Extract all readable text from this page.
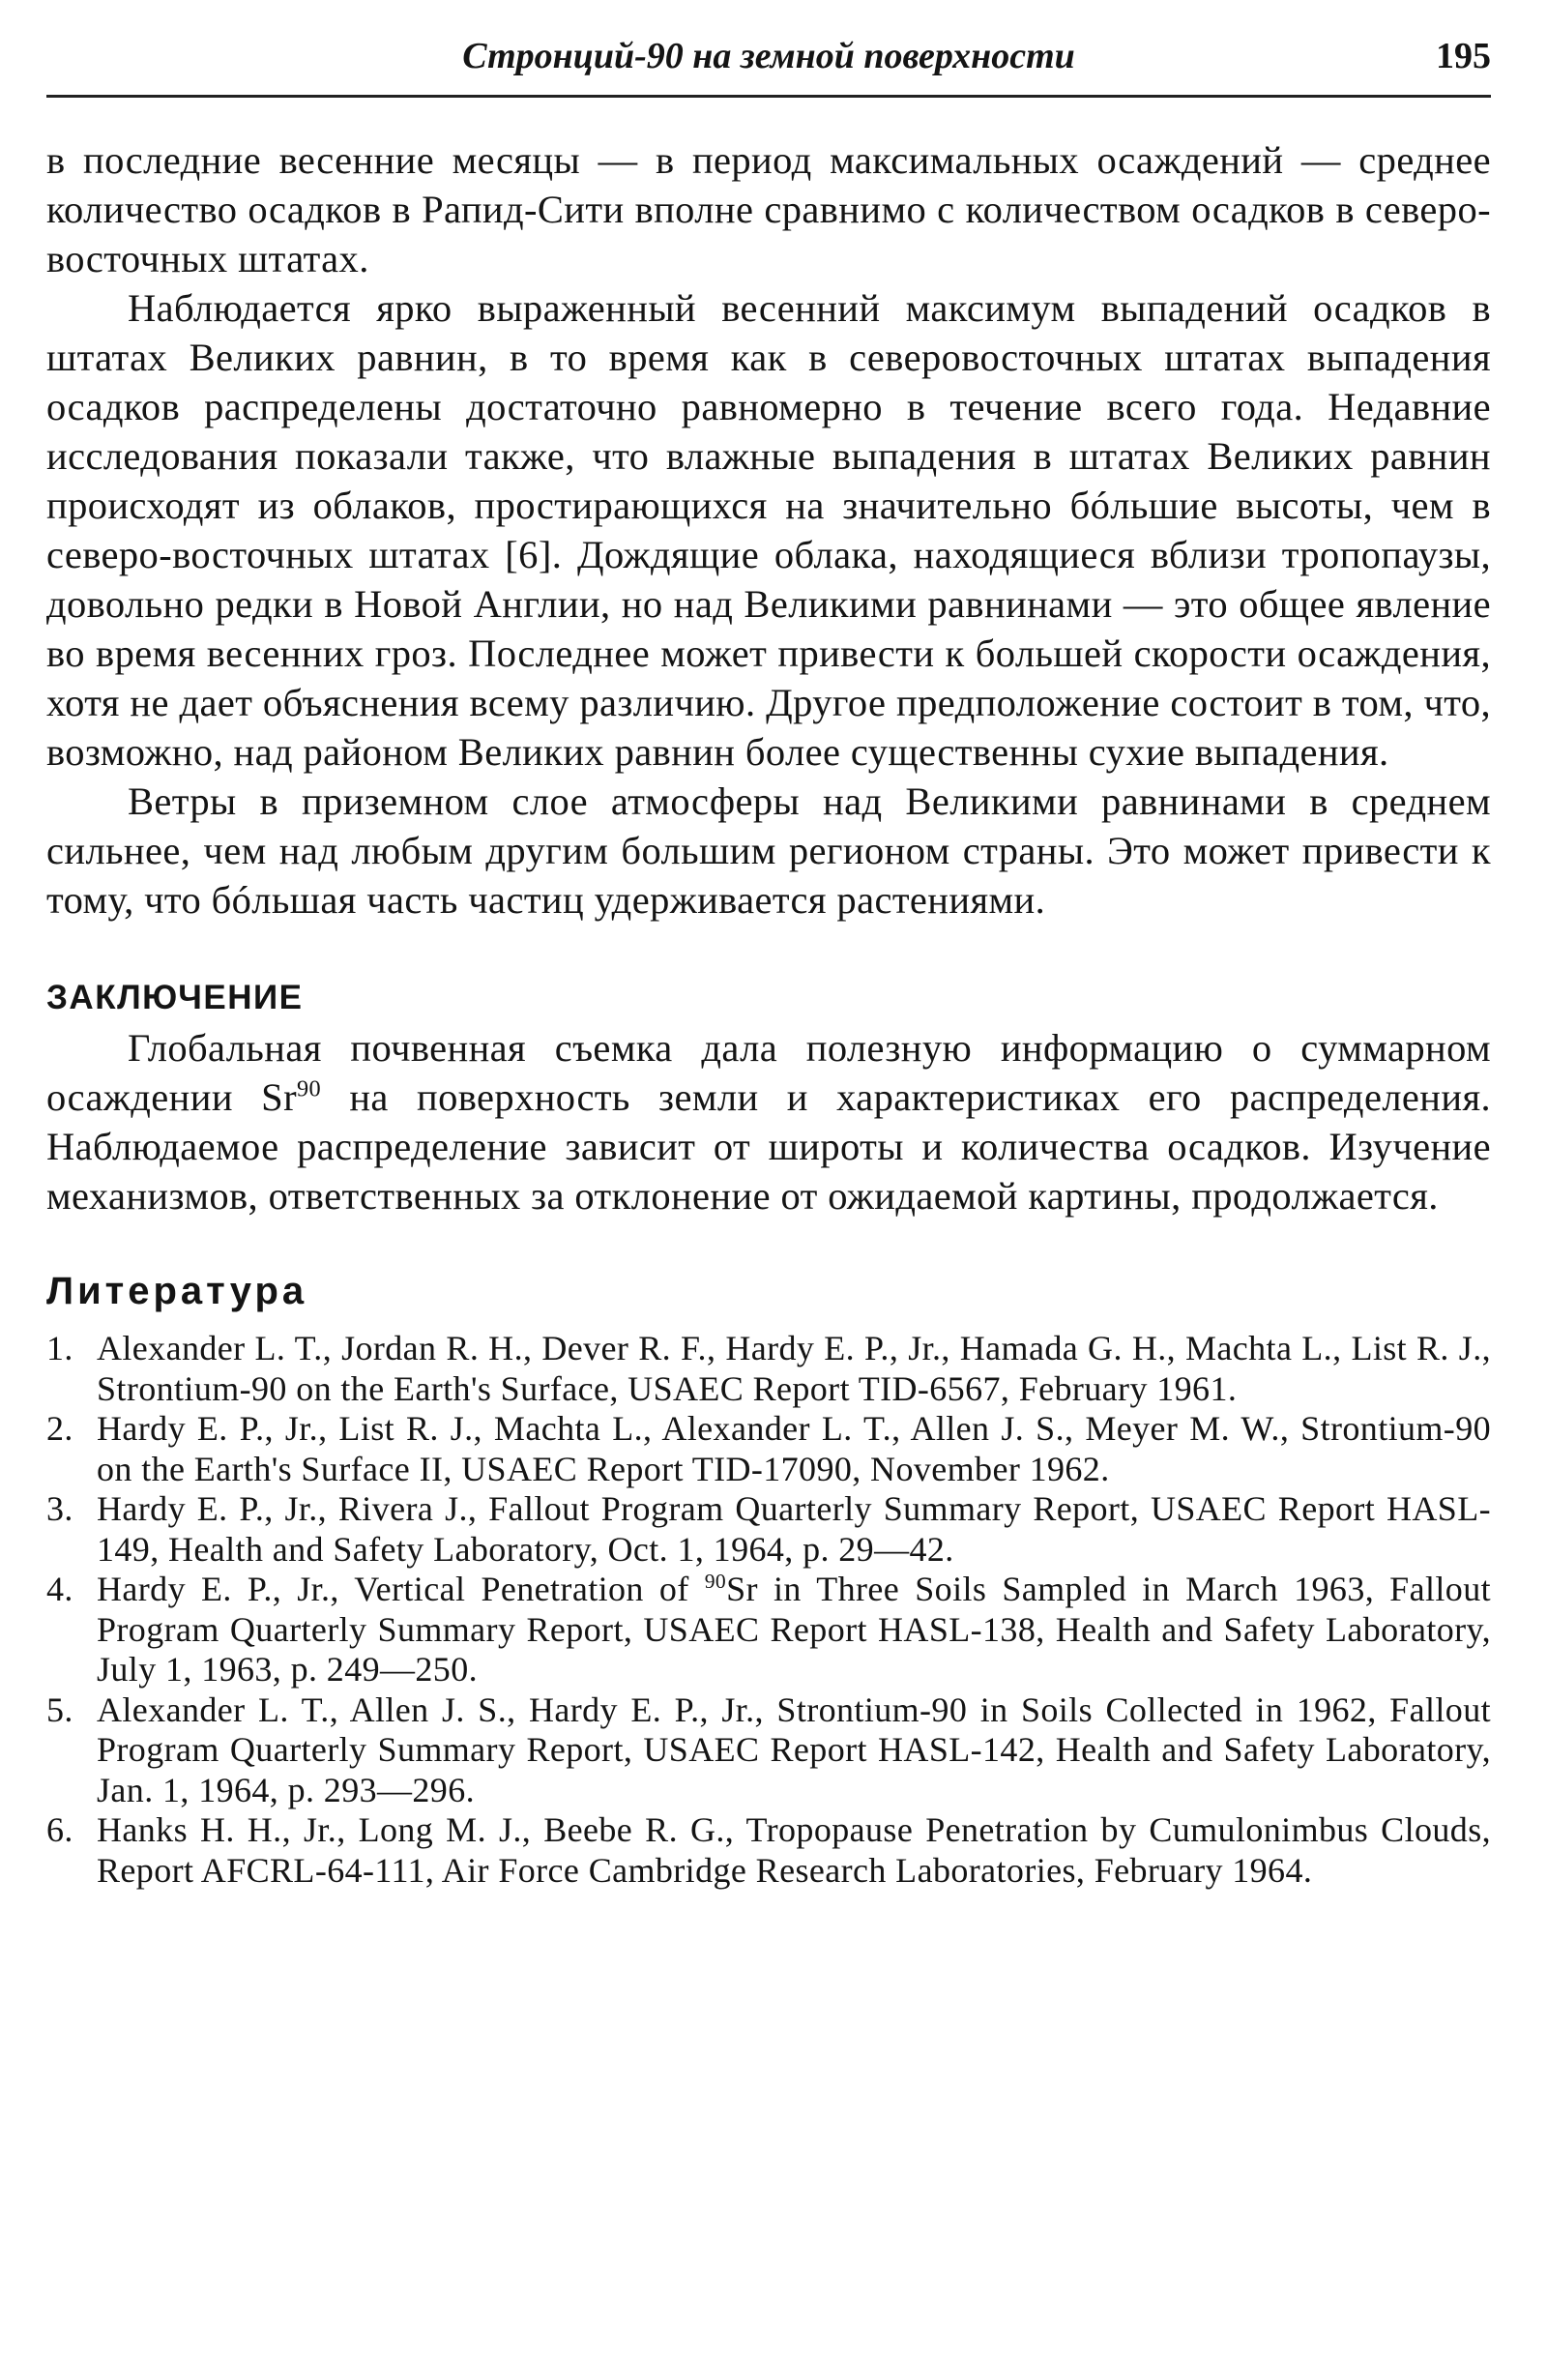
Стронций-90 на земной поверхности	195

в последние весенние месяцы — в период максимальных осаждений — среднее количество осадков в Рапид-Сити вполне сравнимо с количеством осадков в северо-восточных штатах.

Наблюдается ярко выраженный весенний максимум выпадений осадков в штатах Великих равнин, в то время как в северовосточных штатах выпадения осадков распределены достаточно равномерно в течение всего года. Недавние исследования показали также, что влажные выпадения в штатах Великих равнин происходят из облаков, простирающихся на значительно бóльшие высоты, чем в северо-восточных штатах [6]. Дождящие облака, находящиеся вблизи тропопаузы, довольно редки в Новой Англии, но над Великими равнинами — это общее явление во время весенних гроз. Последнее может привести к большей скорости осаждения, хотя не дает объяснения всему различию. Другое предположение состоит в том, что, возможно, над районом Великих равнин более существенны сухие выпадения.

Ветры в приземном слое атмосферы над Великими равнинами в среднем сильнее, чем над любым другим большим регионом страны. Это может привести к тому, что бóльшая часть частиц удерживается растениями.

ЗАКЛЮЧЕНИЕ

Глобальная почвенная съемка дала полезную информацию о суммарном осаждении Sr$^{90}$ на поверхность земли и характеристиках его распределения. Наблюдаемое распределение зависит от широты и количества осадков. Изучение механизмов, ответственных за отклонение от ожидаемой картины, продолжается.

Литература
1. Alexander L. T., Jordan R. H., Dever R. F., Hardy E. P., Jr., Hamada G. H., Machta L., List R. J., Strontium-90 on the Earth's Surface, USAEC Report TID-6567, February 1961.
2. Hardy E. P., Jr., List R. J., Machta L., Alexander L. T., Allen J. S., Meyer M. W., Strontium-90 on the Earth's Surface II, USAEC Report TID-17090, November 1962.
3. Hardy E. P., Jr., Rivera J., Fallout Program Quarterly Summary Report, USAEC Report HASL-149, Health and Safety Laboratory, Oct. 1, 1964, p. 29—42.
4. Hardy E. P., Jr., Vertical Penetration of $^{90}$Sr in Three Soils Sampled in March 1963, Fallout Program Quarterly Summary Report, USAEC Report HASL-138, Health and Safety Laboratory, July 1, 1963, p. 249—250.
5. Alexander L. T., Allen J. S., Hardy E. P., Jr., Strontium-90 in Soils Collected in 1962, Fallout Program Quarterly Summary Report, USAEC Report HASL-142, Health and Safety Laboratory, Jan. 1, 1964, p. 293—296.
6. Hanks H. H., Jr., Long M. J., Beebe R. G., Tropopause Penetration by Cumulonimbus Clouds, Report AFCRL-64-111, Air Force Cambridge Research Laboratories, February 1964.
